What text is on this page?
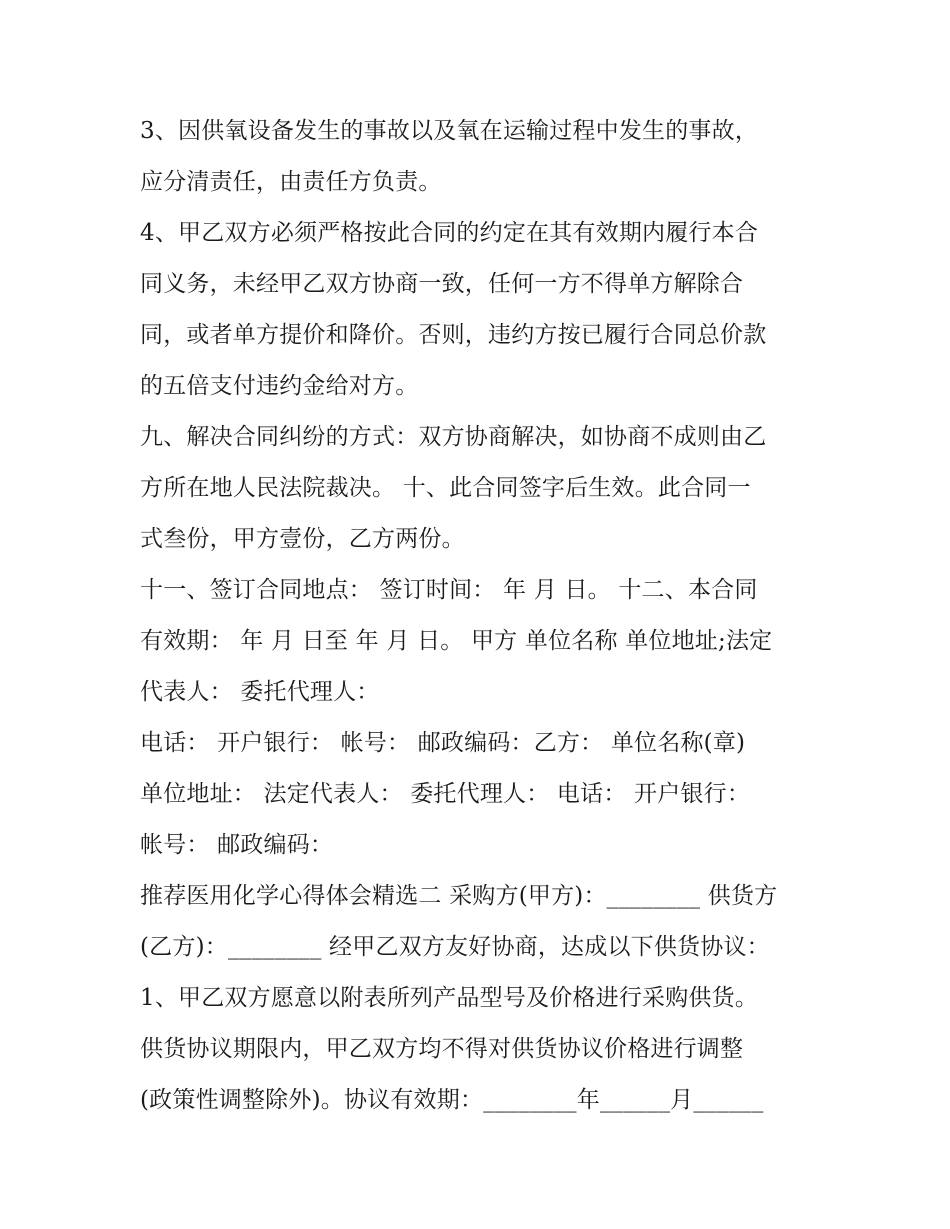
3、因供氧设备发生的事故以及氧在运输过程中发生的事故，
应分清责任，由责任方负责。
4、甲乙双方必须严格按此合同的约定在其有效期内履行本合
同义务，未经甲乙双方协商一致，任何一方不得单方解除合
同，或者单方提价和降价。否则，违约方按已履行合同总价款
的五倍支付违约金给对方。
九、解决合同纠纷的方式：双方协商解决，如协商不成则由乙
方所在地人民法院裁决。 十、此合同签字后生效。此合同一
式叁份，甲方壹份，乙方两份。
十一、签订合同地点： 签订时间： 年 月 日。 十二、本合同
有效期： 年 月 日至 年 月 日。 甲方 单位名称 单位地址;法定
代表人： 委托代理人：
电话： 开户银行： 帐号： 邮政编码：乙方： 单位名称(章)
单位地址： 法定代表人： 委托代理人： 电话： 开户银行：
帐号： 邮政编码：
推荐医用化学心得体会精选二 采购方(甲方)：________ 供货方
(乙方)：________ 经甲乙双方友好协商，达成以下供货协议：
1、甲乙双方愿意以附表所列产品型号及价格进行采购供货。
供货协议期限内，甲乙双方均不得对供货协议价格进行调整
(政策性调整除外)。协议有效期：________年______月______
